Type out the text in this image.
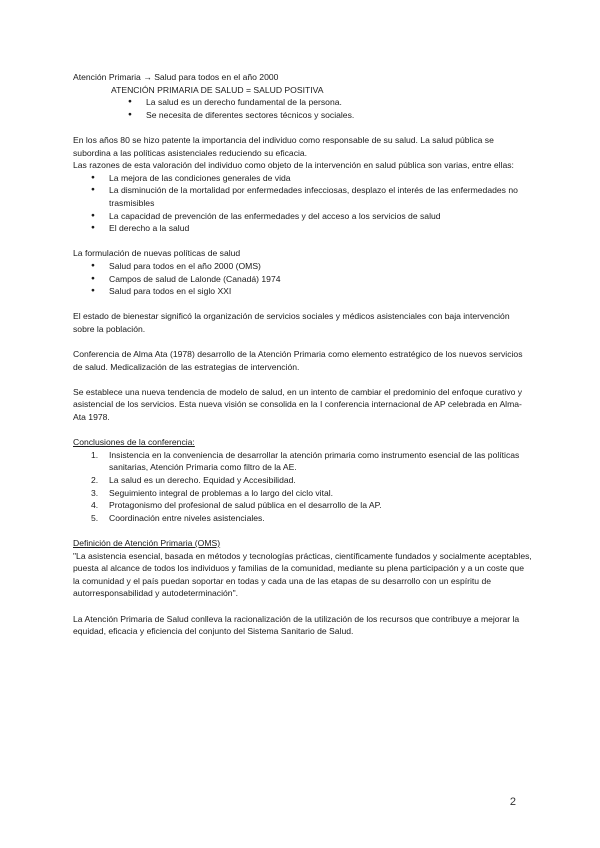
Atención Primaria → Salud para todos en el año 2000

ATENCIÓN PRIMARIA DE SALUD = SALUD POSITIVA

● La salud es un derecho fundamental de la persona.
● Se necesita de diferentes sectores técnicos y sociales.

En los años 80 se hizo patente la importancia del individuo como responsable de su salud. La salud pública se subordina a las políticas asistenciales reduciendo su eficacia.

Las razones de esta valoración del individuo como objeto de la intervención en salud pública son varias, entre ellas:

● La mejora de las condiciones generales de vida
● La disminución de la mortalidad por enfermedades infecciosas, desplazo el interés de las enfermedades no trasmisibles
● La capacidad de prevención de las enfermedades y del acceso a los servicios de salud
● El derecho a la salud

La formulación de nuevas políticas de salud

● Salud para todos en el año 2000 (OMS)
● Campos de salud de Lalonde (Canadá) 1974
● Salud para todos en el siglo XXI

El estado de bienestar significó la organización de servicios sociales y médicos asistenciales con baja intervención sobre la población.

Conferencia de Alma Ata (1978) desarrollo de la Atención Primaria como elemento estratégico de los nuevos servicios de salud. Medicalización de las estrategias de intervención.

Se establece una nueva tendencia de modelo de salud, en un intento de cambiar el predominio del enfoque curativo y asistencial de los servicios. Esta nueva visión se consolida en la I conferencia internacional de AP celebrada en Alma-Ata 1978.

Conclusiones de la conferencia:

1. Insistencia en la conveniencia de desarrollar la atención primaria como instrumento esencial de las políticas sanitarias, Atención Primaria como filtro de la AE.
2. La salud es un derecho. Equidad y Accesibilidad.
3. Seguimiento integral de problemas a lo largo del ciclo vital.
4. Protagonismo del profesional de salud pública en el desarrollo de la AP.
5. Coordinación entre niveles asistenciales.

Definición de Atención Primaria (OMS)

"La asistencia esencial, basada en métodos y tecnologías prácticas, científicamente fundados y socialmente aceptables, puesta al alcance de todos los individuos y familias de la comunidad, mediante su plena participación y a un coste que la comunidad y el país puedan soportar en todas y cada una de las etapas de su desarrollo con un espíritu de autorresponsabilidad y autodeterminación".

La Atención Primaria de Salud conlleva la racionalización de la utilización de los recursos que contribuye a mejorar la equidad, eficacia y eficiencia del conjunto del Sistema Sanitario de Salud.

2
